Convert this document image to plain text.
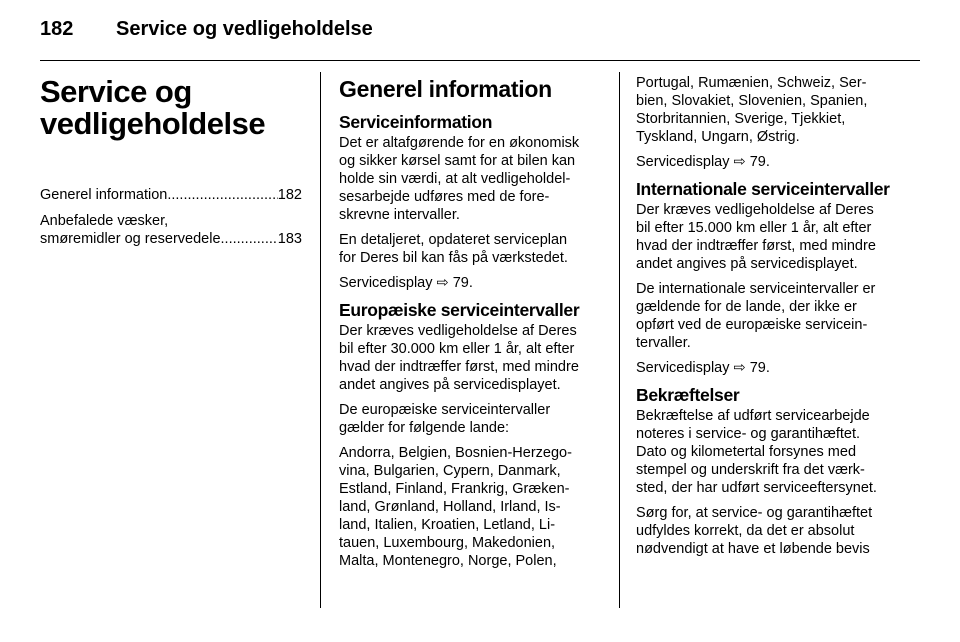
182 Service og vedligeholdelse
Service og
vedligeholdelse
Generel information .....	182
Anbefalede væsker,
smøremidler og reservedele .....	183
Generel information
Serviceinformation
Det er altafgørende for en økonomisk
og sikker kørsel samt for at bilen kan
holde sin værdi, at alt vedligeholdel-
sesarbejde udføres med de fore-
skrevne intervaller.
En detaljeret, opdateret serviceplan
for Deres bil kan fås på værkstedet.
Servicedisplay ⇨ 79.
Europæiske serviceintervaller
Der kræves vedligeholdelse af Deres
bil efter 30.000 km eller 1 år, alt efter
hvad der indtræffer først, med mindre
andet angives på servicedisplayet.
De europæiske serviceintervaller
gælder for følgende lande:
Andorra, Belgien, Bosnien-Herzego-
vina, Bulgarien, Cypern, Danmark,
Estland, Finland, Frankrig, Græken-
land, Grønland, Holland, Irland, Is-
land, Italien, Kroatien, Letland, Li-
tauen, Luxembourg, Makedonien,
Malta, Montenegro, Norge, Polen,
Portugal, Rumænien, Schweiz, Ser-
bien, Slovakiet, Slovenien, Spanien,
Storbritannien, Sverige, Tjekkiet,
Tyskland, Ungarn, Østrig.
Servicedisplay ⇨ 79.
Internationale serviceintervaller
Der kræves vedligeholdelse af Deres
bil efter 15.000 km eller 1 år, alt efter
hvad der indtræffer først, med mindre
andet angives på servicedisplayet.
De internationale serviceintervaller er
gældende for de lande, der ikke er
opført ved de europæiske servicein-
tervaller.
Servicedisplay ⇨ 79.
Bekræftelser
Bekræftelse af udført servicearbejde
noteres i service- og garantihæftet.
Dato og kilometertal forsynes med
stempel og underskrift fra det værk-
sted, der har udført serviceeftersynet.
Sørg for, at service- og garantihæftet
udfyldes korrekt, da det er absolut
nødvendigt at have et løbende bevis
